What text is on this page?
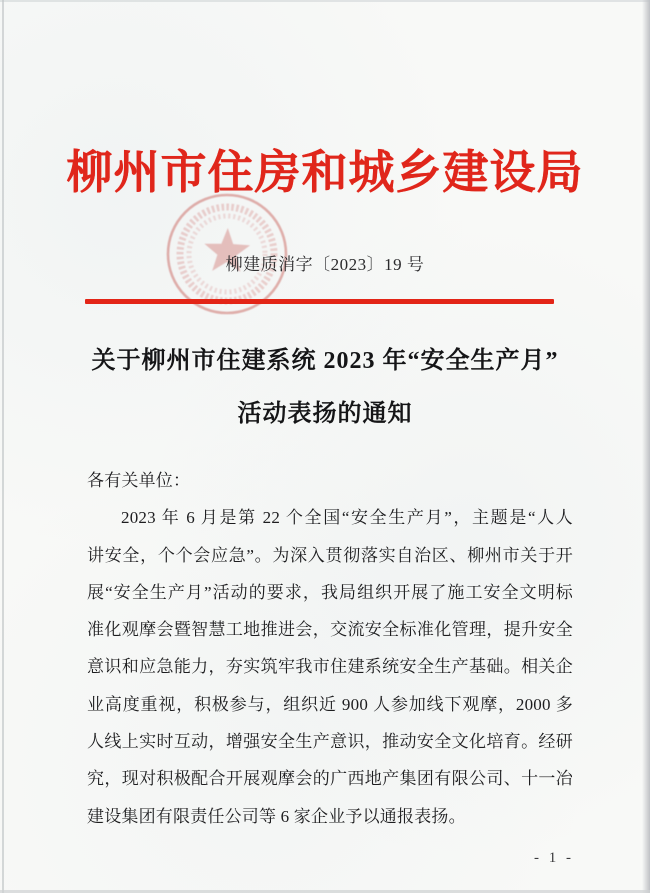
柳州市住房和城乡建设局
柳建质消字〔2023〕19 号
关于柳州市住建系统 2023 年“安全生产月”
活动表扬的通知
各有关单位：
2023 年 6 月是第 22 个全国“安全生产月”，主题是“人人
讲安全，个个会应急”。为深入贯彻落实自治区、柳州市关于开
展“安全生产月”活动的要求，我局组织开展了施工安全文明标
准化观摩会暨智慧工地推进会，交流安全标准化管理，提升安全
意识和应急能力，夯实筑牢我市住建系统安全生产基础。相关企
业高度重视，积极参与，组织近 900 人参加线下观摩，2000 多
人线上实时互动，增强安全生产意识，推动安全文化培育。经研
究，现对积极配合开展观摩会的广西地产集团有限公司、十一冶
建设集团有限责任公司等 6 家企业予以通报表扬。
- 1 -
